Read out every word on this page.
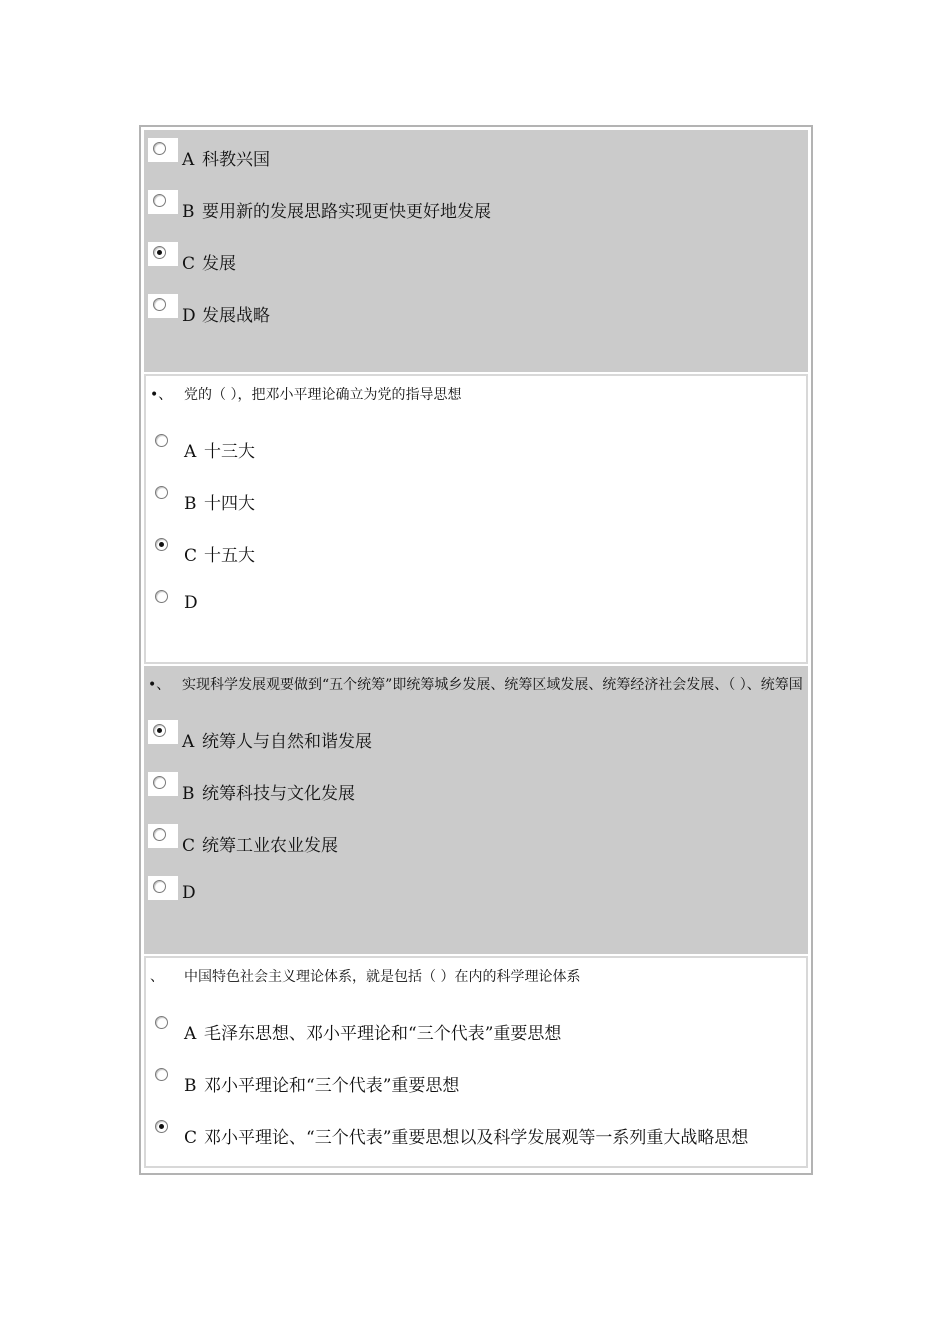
A 科教兴国
B 要用新的发展思路实现更快更好地发展
C 发展
D 发展战略
•、 党的（ ），把邓小平理论确立为党的指导思想
A 十三大
B 十四大
C 十五大
D
•、 实现科学发展观要做到“五个统筹”即统筹城乡发展、统筹区域发展、统筹经济社会发展、（ ）、统筹国
A 统筹人与自然和谐发展
B 统筹科技与文化发展
C 统筹工业农业发展
D
、 中国特色社会主义理论体系，就是包括（ ）在内的科学理论体系
A 毛泽东思想、邓小平理论和“三个代表”重要思想
B 邓小平理论和“三个代表”重要思想
C 邓小平理论、“三个代表”重要思想以及科学发展观等一系列重大战略思想
